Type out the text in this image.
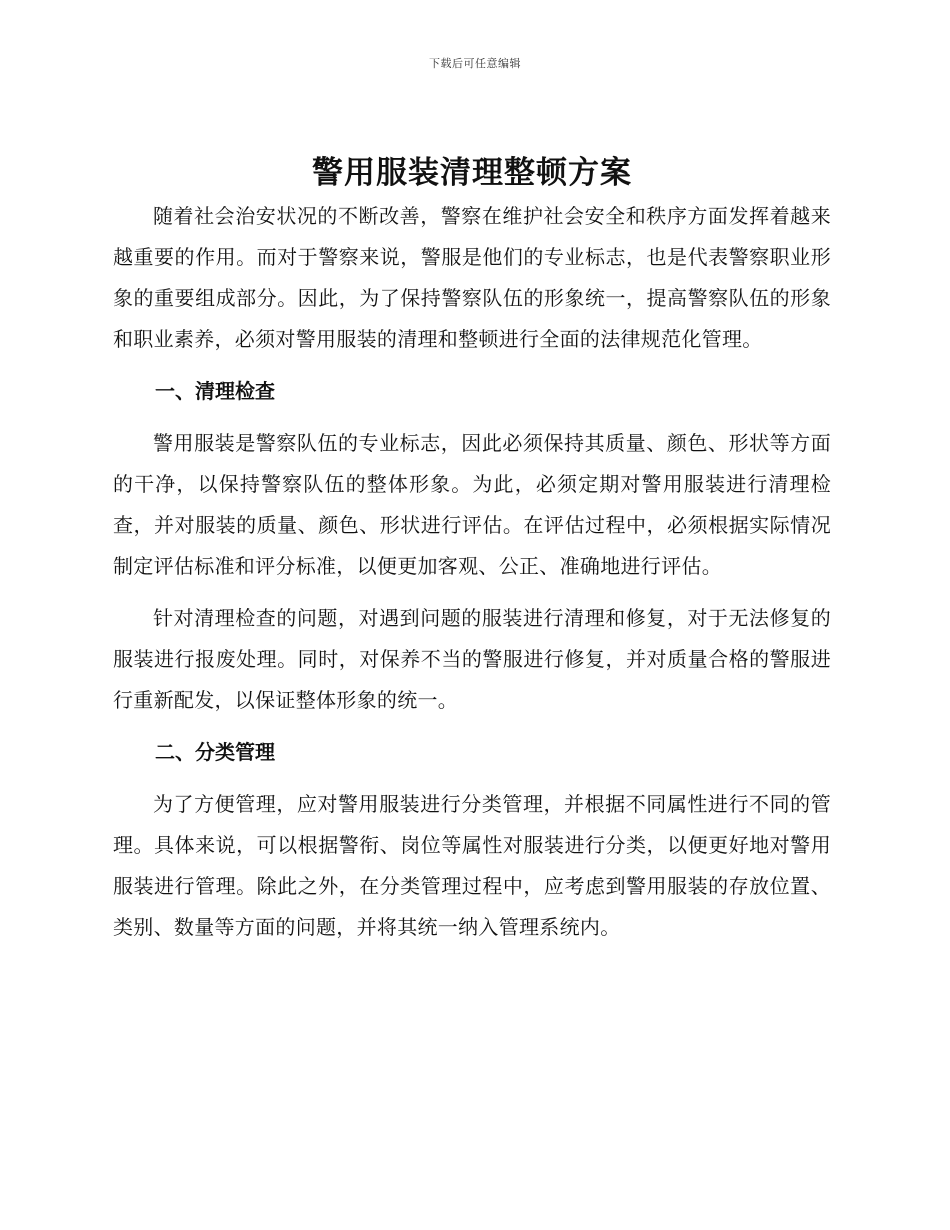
下载后可任意编辑
警用服装清理整顿方案

随着社会治安状况的不断改善，警察在维护社会安全和秩序方面发挥着越来越重要的作用。而对于警察来说，警服是他们的专业标志，也是代表警察职业形象的重要组成部分。因此，为了保持警察队伍的形象统一，提高警察队伍的形象和职业素养，必须对警用服装的清理和整顿进行全面的法律规范化管理。

一、清理检查

警用服装是警察队伍的专业标志，因此必须保持其质量、颜色、形状等方面的干净，以保持警察队伍的整体形象。为此，必须定期对警用服装进行清理检查，并对服装的质量、颜色、形状进行评估。在评估过程中，必须根据实际情况制定评估标准和评分标准，以便更加客观、公正、准确地进行评估。

针对清理检查的问题，对遇到问题的服装进行清理和修复，对于无法修复的服装进行报废处理。同时，对保养不当的警服进行修复，并对质量合格的警服进行重新配发，以保证整体形象的统一。

二、分类管理

为了方便管理，应对警用服装进行分类管理，并根据不同属性进行不同的管理。具体来说，可以根据警衔、岗位等属性对服装进行分类，以便更好地对警用服装进行管理。除此之外，在分类管理过程中，应考虑到警用服装的存放位置、类别、数量等方面的问题，并将其统一纳入管理系统内。
